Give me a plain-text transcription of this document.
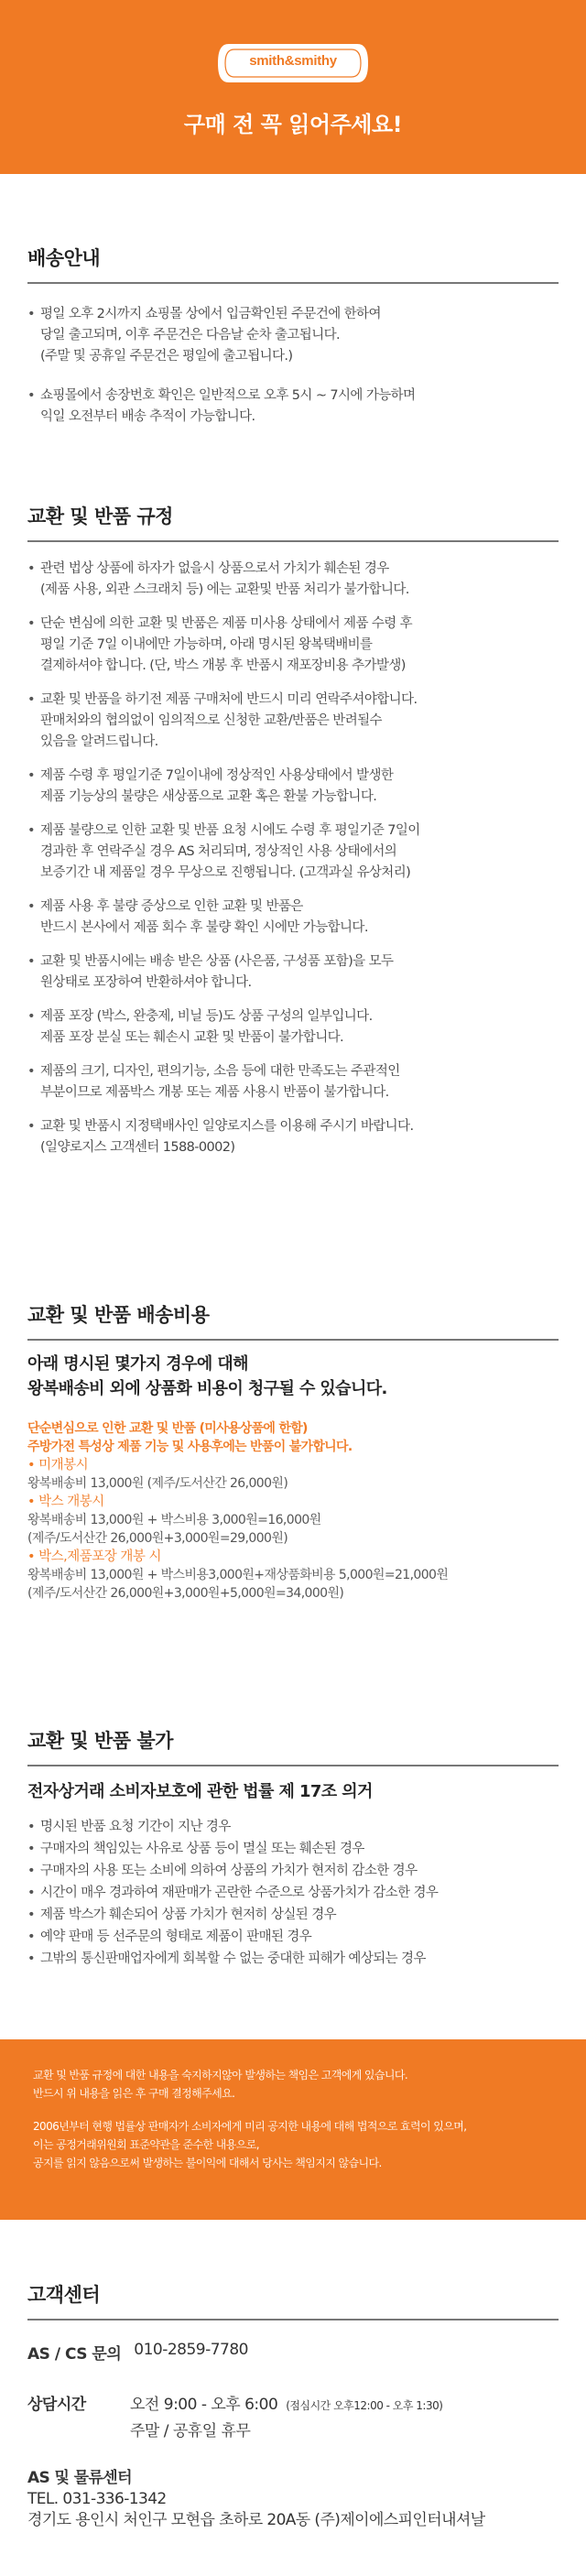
smith&smithy
구매 전 꼭 읽어주세요!
배송안내
• 평일 오후 2시까지 쇼핑몰 상에서 입금확인된 주문건에 한하여
당일 출고되며, 이후 주문건은 다음날 순차 출고됩니다.
(주말 및 공휴일 주문건은 평일에 출고됩니다.)
• 쇼핑몰에서 송장번호 확인은 일반적으로 오후 5시 ~ 7시에 가능하며
익일 오전부터 배송 추적이 가능합니다.
교환 및 반품 규정
• 관련 법상 상품에 하자가 없을시 상품으로서 가치가 훼손된 경우
(제품 사용, 외관 스크래치 등) 에는 교환및 반품 처리가 불가합니다.
• 단순 변심에 의한 교환 및 반품은 제품 미사용 상태에서 제품 수령 후
평일 기준 7일 이내에만 가능하며, 아래 명시된 왕복택배비를
결제하셔야 합니다. (단, 박스 개봉 후 반품시 재포장비용 추가발생)
• 교환 및 반품을 하기전 제품 구매처에 반드시 미리 연락주셔야합니다.
판매처와의 협의없이 임의적으로 신청한 교환/반품은 반려될수
있음을 알려드립니다.
• 제품 수령 후 평일기준 7일이내에 정상적인 사용상태에서 발생한
제품 기능상의 불량은 새상품으로 교환 혹은 환불 가능합니다.
• 제품 불량으로 인한 교환 및 반품 요청 시에도 수령 후 평일기준 7일이
경과한 후 연락주실 경우 AS 처리되며, 정상적인 사용 상태에서의
보증기간 내 제품일 경우 무상으로 진행됩니다. (고객과실 유상처리)
• 제품 사용 후 불량 증상으로 인한 교환 및 반품은
반드시 본사에서 제품 회수 후 불량 확인 시에만 가능합니다.
• 교환 및 반품시에는 배송 받은 상품 (사은품, 구성품 포함)을 모두
원상태로 포장하여 반환하셔야 합니다.
• 제품 포장 (박스, 완충제, 비닐 등)도 상품 구성의 일부입니다.
제품 포장 분실 또는 훼손시 교환 및 반품이 불가합니다.
• 제품의 크기, 디자인, 편의기능, 소음 등에 대한 만족도는 주관적인
부분이므로 제품박스 개봉 또는 제품 사용시 반품이 불가합니다.
• 교환 및 반품시 지정택배사인 일양로지스를 이용해 주시기 바랍니다.
(일양로지스 고객센터 1588-0002)
교환 및 반품 배송비용
아래 명시된 몇가지 경우에 대해
왕복배송비 외에 상품화 비용이 청구될 수 있습니다.
단순변심으로 인한 교환 및 반품 (미사용상품에 한함)
주방가전 특성상 제품 기능 및 사용후에는 반품이 불가합니다.
• 미개봉시
왕복배송비 13,000원 (제주/도서산간 26,000원)
• 박스 개봉시
왕복배송비 13,000원 + 박스비용 3,000원=16,000원
(제주/도서산간 26,000원+3,000원=29,000원)
• 박스,제품포장 개봉 시
왕복배송비 13,000원 + 박스비용3,000원+재상품화비용 5,000원=21,000원
(제주/도서산간 26,000원+3,000원+5,000원=34,000원)
교환 및 반품 불가
전자상거래 소비자보호에 관한 법률 제 17조 의거
• 명시된 반품 요청 기간이 지난 경우
• 구매자의 책임있는 사유로 상품 등이 멸실 또는 훼손된 경우
• 구매자의 사용 또는 소비에 의하여 상품의 가치가 현저히 감소한 경우
• 시간이 매우 경과하여 재판매가 곤란한 수준으로 상품가치가 감소한 경우
• 제품 박스가 훼손되어 상품 가치가 현저히 상실된 경우
• 예약 판매 등 선주문의 형태로 제품이 판매된 경우
• 그밖의 통신판매업자에게 회복할 수 없는 중대한 피해가 예상되는 경우

교환 및 반품 규정에 대한 내용을 숙지하지않아 발생하는 책임은 고객에게 있습니다.
반드시 위 내용을 읽은 후 구매 결정해주세요.

2006년부터 현행 법률상 판매자가 소비자에게 미리 공지한 내용에 대해 법적으로 효력이 있으며,
이는 공정거래위원회 표준약관을 준수한 내용으로,
공지를 읽지 않음으로써 발생하는 불이익에 대해서 당사는 책임지지 않습니다.

고객센터
AS / CS 문의 010-2859-7780
상담시간	오전 9:00 - 오후 6:00 (점심시간 오후12:00 - 오후 1:30)
주말 / 공휴일 휴무
AS 및 물류센터
TEL. 031-336-1342
경기도 용인시 처인구 모현읍 초하로 20A동 (주)제이에스피인터내셔날
